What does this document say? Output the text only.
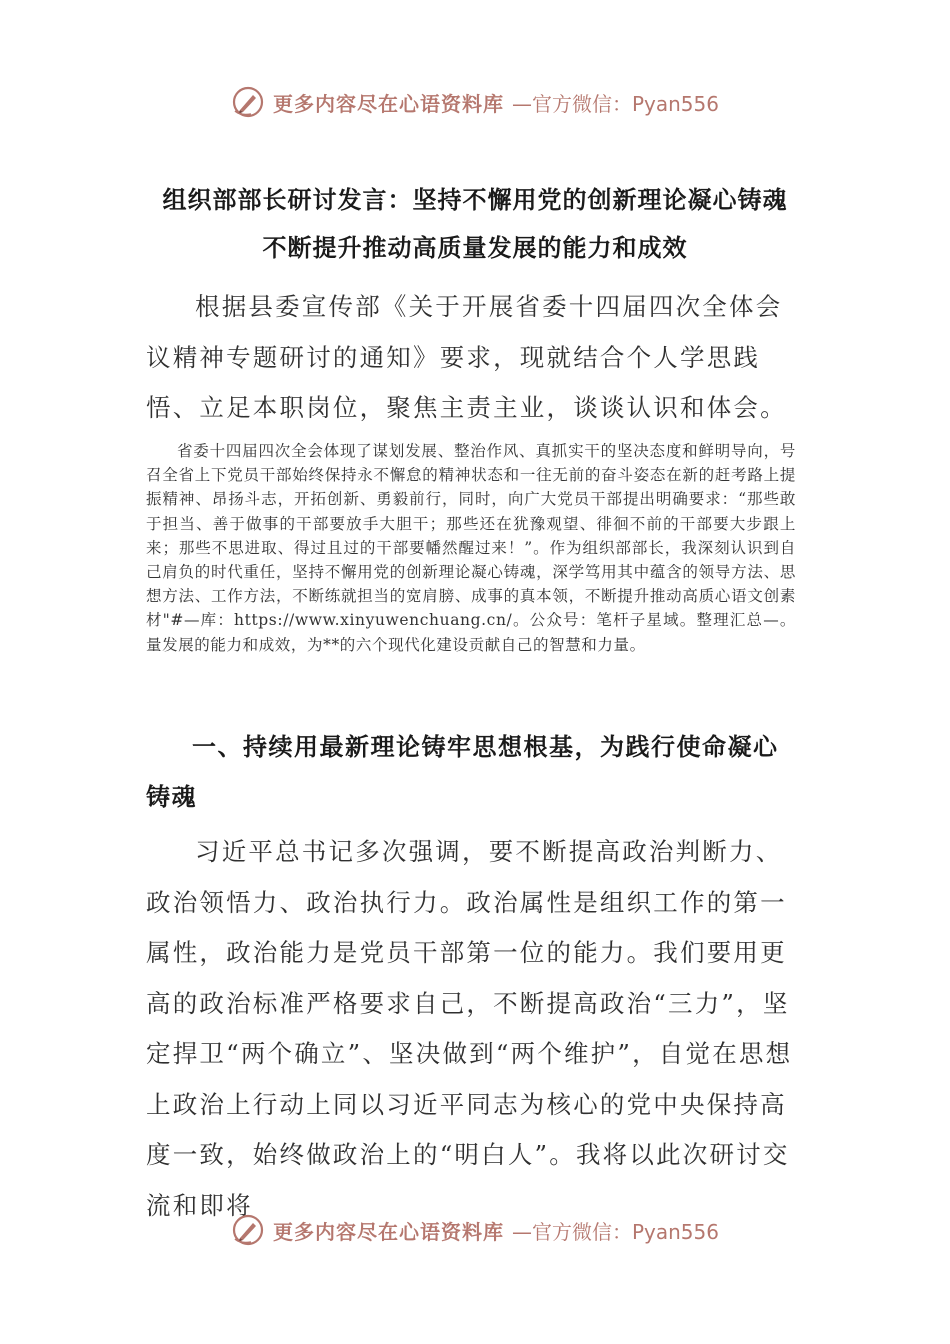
更多内容尽在心语资料库 —官方微信：Pyan556
组织部部长研讨发言：坚持不懈用党的创新理论凝心铸魂
不断提升推动高质量发展的能力和成效

根据县委宣传部《关于开展省委十四届四次全体会议精神专题研讨的通知》要求，现就结合个人学思践悟、立足本职岗位，聚焦主责主业，谈谈认识和体会。

省委十四届四次全会体现了谋划发展、整治作风、真抓实干的坚决态度和鲜明导向，号召全省上下党员干部始终保持永不懈怠的精神状态和一往无前的奋斗姿态在新的赶考路上提振精神、昂扬斗志，开拓创新、勇毅前行，同时，向广大党员干部提出明确要求：“那些敢于担当、善于做事的干部要放手大胆干；那些还在犹豫观望、徘徊不前的干部要大步跟上来；那些不思进取、得过且过的干部要幡然醒过来！”。作为组织部部长，我深刻认识到自己肩负的时代重任，坚持不懈用党的创新理论凝心铸魂，深学笃用其中蕴含的领导方法、思想方法、工作方法，不断练就担当的宽肩膀、成事的真本领，不断提升推动高质心语文创素材"#—库：https://www.xinyuwenchuang.cn/。公众号：笔杆子星域。整理汇总—。量发展的能力和成效，为**的六个现代化建设贡献自己的智慧和力量。

一、持续用最新理论铸牢思想根基，为践行使命凝心铸魂

习近平总书记多次强调，要不断提高政治判断力、政治领悟力、政治执行力。政治属性是组织工作的第一属性，政治能力是党员干部第一位的能力。我们要用更高的政治标准严格要求自己，不断提高政治“三力”，坚定捍卫“两个确立”、坚决做到“两个维护”，自觉在思想上政治上行动上同以习近平同志为核心的党中央保持高度一致，始终做政治上的“明白人”。我将以此次研讨交流和即将

更多内容尽在心语资料库 —官方微信：Pyan556
